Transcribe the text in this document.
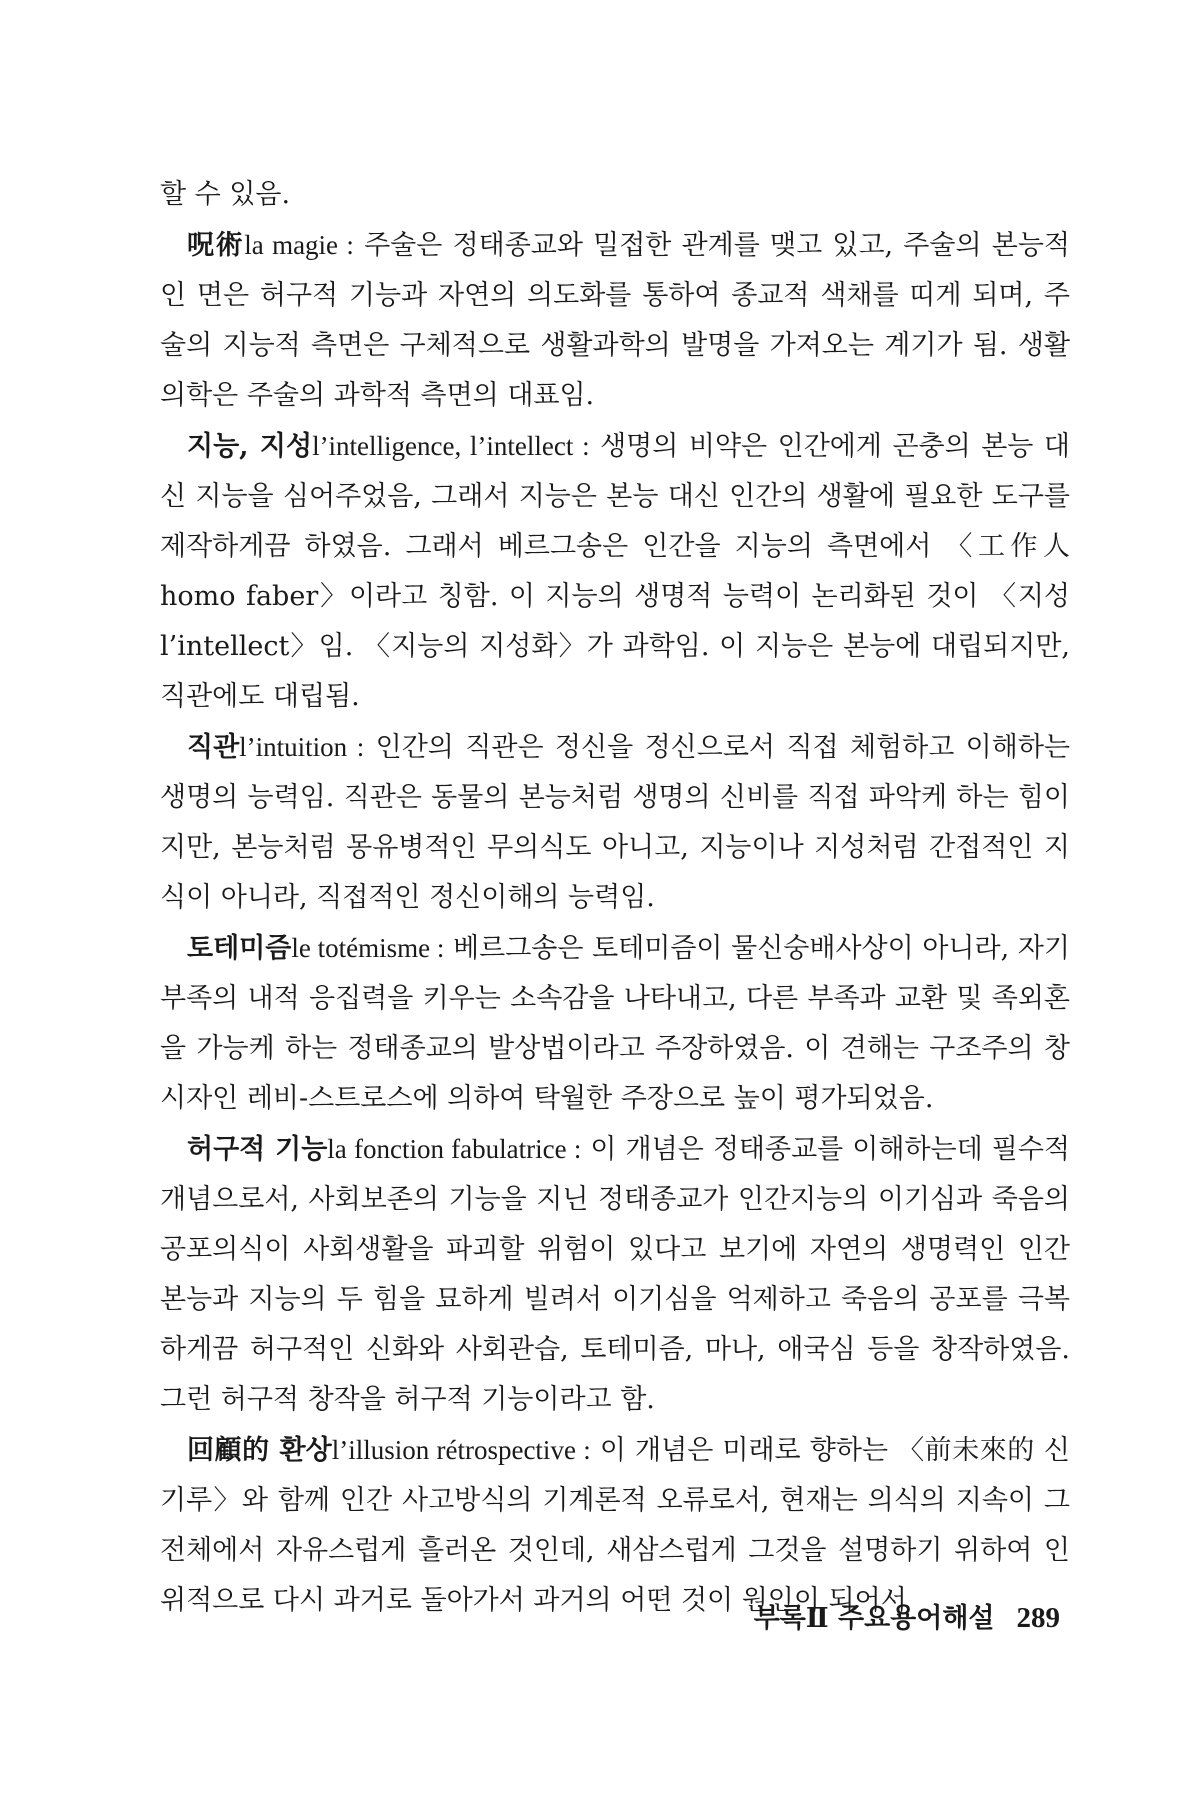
할 수 있음.

呪術la magie : 주술은 정태종교와 밀접한 관계를 맺고 있고, 주술의 본능적인 면은 허구적 기능과 자연의 의도화를 통하여 종교적 색채를 띠게 되며, 주술의 지능적 측면은 구체적으로 생활과학의 발명을 가져오는 계기가 됨. 생활의학은 주술의 과학적 측면의 대표임.

지능, 지성l’intelligence, l’intellect : 생명의 비약은 인간에게 곤충의 본능 대신 지능을 심어주었음, 그래서 지능은 본능 대신 인간의 생활에 필요한 도구를 제작하게끔 하였음. 그래서 베르그송은 인간을 지능의 측면에서 〈工作人 homo faber〉이라고 칭함. 이 지능의 생명적 능력이 논리화된 것이 〈지성 l’intellect〉임. 〈지능의 지성화〉가 과학임. 이 지능은 본능에 대립되지만, 직관에도 대립됨.

직관l’intuition : 인간의 직관은 정신을 정신으로서 직접 체험하고 이해하는 생명의 능력임. 직관은 동물의 본능처럼 생명의 신비를 직접 파악케 하는 힘이지만, 본능처럼 몽유병적인 무의식도 아니고, 지능이나 지성처럼 간접적인 지식이 아니라, 직접적인 정신이해의 능력임.

토테미즘le totémisme : 베르그송은 토테미즘이 물신숭배사상이 아니라, 자기 부족의 내적 응집력을 키우는 소속감을 나타내고, 다른 부족과 교환 및 족외혼을 가능케 하는 정태종교의 발상법이라고 주장하였음. 이 견해는 구조주의 창시자인 레비-스트로스에 의하여 탁월한 주장으로 높이 평가되었음.

허구적 기능la fonction fabulatrice : 이 개념은 정태종교를 이해하는데 필수적 개념으로서, 사회보존의 기능을 지닌 정태종교가 인간지능의 이기심과 죽음의 공포의식이 사회생활을 파괴할 위험이 있다고 보기에 자연의 생명력인 인간 본능과 지능의 두 힘을 묘하게 빌려서 이기심을 억제하고 죽음의 공포를 극복하게끔 허구적인 신화와 사회관습, 토테미즘, 마나, 애국심 등을 창작하였음. 그런 허구적 창작을 허구적 기능이라고 함.

回顧的 환상l’illusion rétrospective : 이 개념은 미래로 향하는 〈前未來的 신기루〉와 함께 인간 사고방식의 기계론적 오류로서, 현재는 의식의 지속이 그 전체에서 자유스럽게 흘러온 것인데, 새삼스럽게 그것을 설명하기 위하여 인위적으로 다시 과거로 돌아가서 과거의 어떤 것이 원인이 되어서

부록Ⅱ 주요용어해설 289
